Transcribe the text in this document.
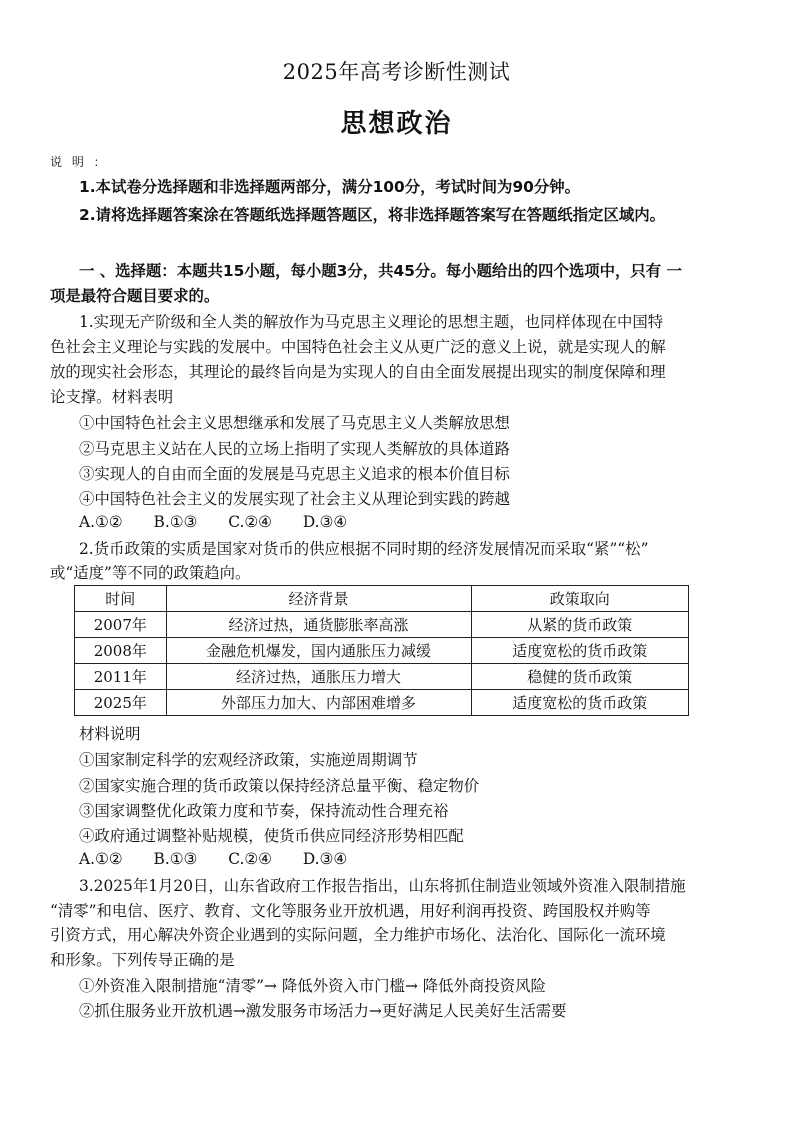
2025年高考诊断性测试
思想政治
说 明 ：
1.本试卷分选择题和非选择题两部分，满分100分，考试时间为90分钟。
2.请将选择题答案涂在答题纸选择题答题区，将非选择题答案写在答题纸指定区域内。
一 、选择题：本题共15小题，每小题3分，共45分。每小题给出的四个选项中，只有 一
项是最符合题目要求的。
1.实现无产阶级和全人类的解放作为马克思主义理论的思想主题，也同样体现在中国特
色社会主义理论与实践的发展中。中国特色社会主义从更广泛的意义上说，就是实现人的解
放的现实社会形态，其理论的最终旨向是为实现人的自由全面发展提出现实的制度保障和理
论支撑。材料表明
①中国特色社会主义思想继承和发展了马克思主义人类解放思想
②马克思主义站在人民的立场上指明了实现人类解放的具体道路
③实现人的自由而全面的发展是马克思主义追求的根本价值目标
④中国特色社会主义的发展实现了社会主义从理论到实践的跨越
A.①② B.①③ C.②④ D.③④
2.货币政策的实质是国家对货币的供应根据不同时期的经济发展情况而采取“紧”“松”
或“适度”等不同的政策趋向。
时间	经济背景	政策取向
2007年	经济过热，通货膨胀率高涨	从紧的货币政策
2008年	金融危机爆发，国内通胀压力减缓	适度宽松的货币政策
2011年	经济过热，通胀压力增大	稳健的货币政策
2025年	外部压力加大、内部困难增多	适度宽松的货币政策
材料说明
①国家制定科学的宏观经济政策，实施逆周期调节
②国家实施合理的货币政策以保持经济总量平衡、稳定物价
③国家调整优化政策力度和节奏，保持流动性合理充裕
④政府通过调整补贴规模，使货币供应同经济形势相匹配
A.①② B.①③ C.②④ D.③④
3.2025年1月20日，山东省政府工作报告指出，山东将抓住制造业领域外资准入限制措施
“清零”和电信、医疗、教育、文化等服务业开放机遇，用好利润再投资、跨国股权并购等
引资方式，用心解决外资企业遇到的实际问题，全力维护市场化、法治化、国际化一流环境
和形象。下列传导正确的是
①外资准入限制措施“清零”→ 降低外资入市门槛→ 降低外商投资风险
②抓住服务业开放机遇→激发服务市场活力→更好满足人民美好生活需要
